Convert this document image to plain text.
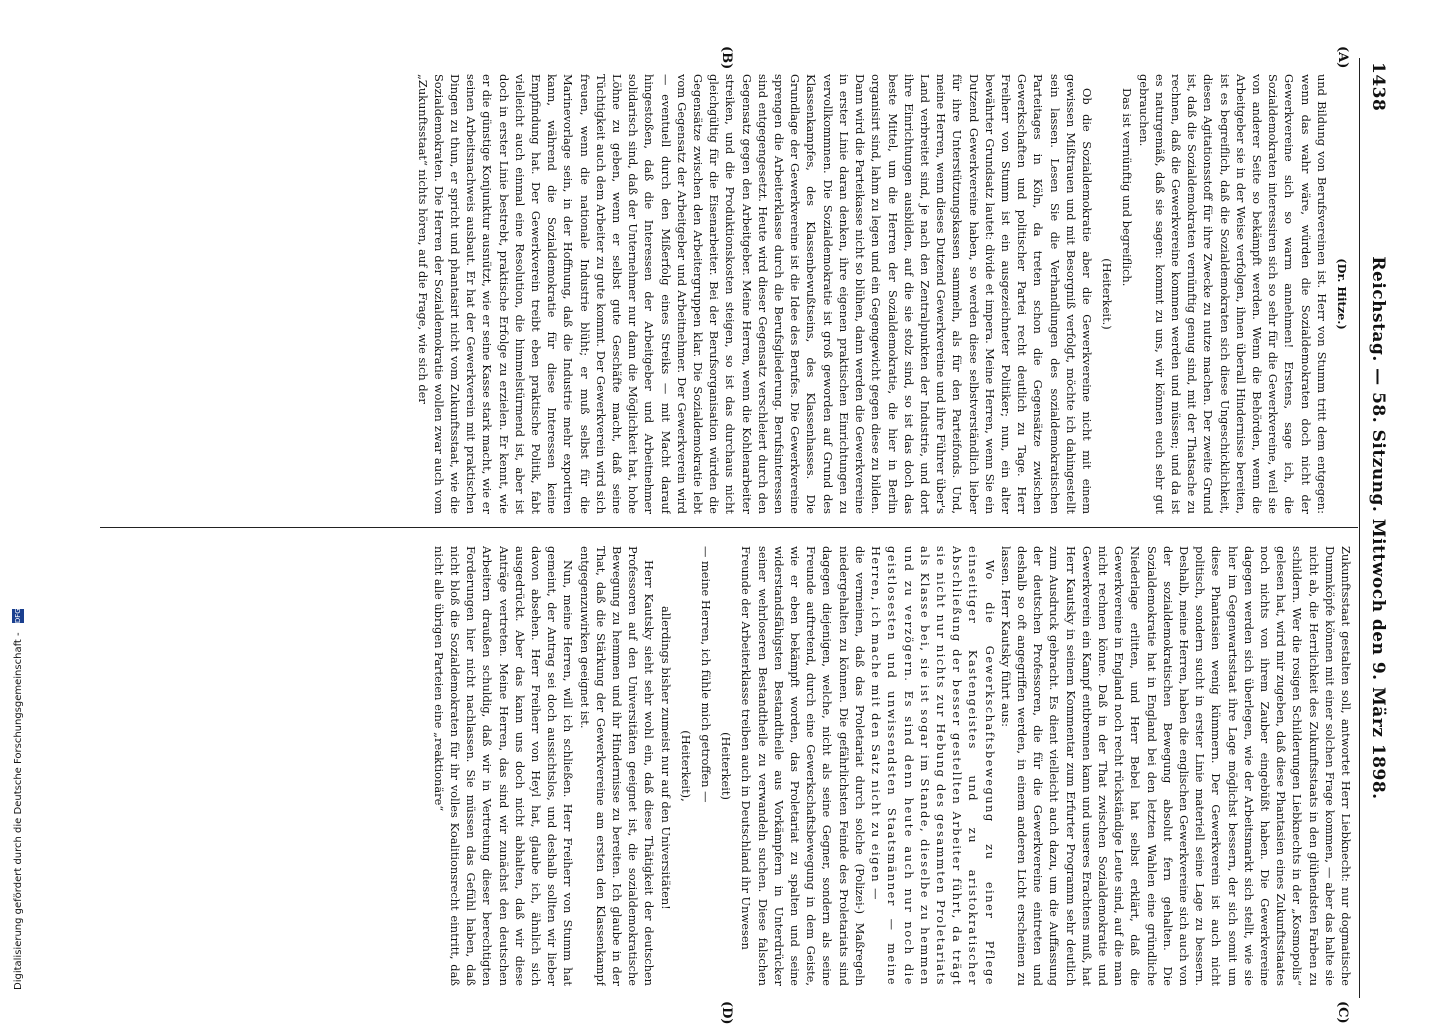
1438
Reichstag. — 58. Sitzung. Mittwoch den 9. März 1898.
(A)
(B)
(C)
(D)

(Dr. Hitze.)

und Bildung von Berufsvereinen ist. Herr von Stumm tritt dem entgegen: wenn das wahr wäre, würden die Sozialdemokraten doch nicht der Gewerkvereine sich so warm annehmen! Erstens, sage ich, die Sozialdemokraten interessiren sich so sehr für die Gewerkvereine, weil sie von anderer Seite so bekämpft werden. Wenn die Behörden, wenn die Arbeitgeber sie in der Weise verfolgen, ihnen überall Hindernisse bereiten, ist es begreiflich, daß die Sozialdemokraten sich diese Ungeschicklichkeit, diesen Agitationsstoff für ihre Zwecke zu nutze machen. Der zweite Grund ist, daß die Sozialdemokraten vernünftig genug sind, mit der Thatsache zu rechnen, daß die Gewerkvereine kommen werden und müssen; und da ist es naturgemäß, daß sie sagen: kommt zu uns, wir können euch sehr gut gebrauchen.

Das ist vernünftig und begreiflich.

(Heiterkeit.)

Ob die Sozialdemokratie aber die Gewerkvereine nicht mit einem gewissen Mißtrauen und mit Besorgniß verfolgt, möchte ich dahingestellt sein lassen. Lesen Sie die Verhandlungen des sozialdemokratischen Parteitages in Köln, da treten schon die Gegensätze zwischen Gewerkschaften und politischer Partei recht deutlich zu Tage. Herr Freiherr von Stumm ist ein ausgezeichneter Politiker; nun, ein alter bewährter Grundsatz lautet: divide et impera. Meine Herren, wenn Sie ein Dutzend Gewerkvereine haben, so werden diese selbstverständlich lieber für ihre Unterstützungskassen sammeln, als für den Parteifonds. Und, meine Herren, wenn dieses Dutzend Gewerkvereine und ihre Führer über's Land verbreitet sind, je nach den Zentralpunkten der Industrie, und dort ihre Einrichtungen ausbilden, auf die sie stolz sind, so ist das doch das beste Mittel, um die Herren der Sozialdemokratie, die hier in Berlin organisirt sind, lahm zu legen und ein Gegengewicht gegen diese zu bilden. Dann wird die Parteikasse nicht so blühen, dann werden die Gewerkvereine in erster Linie daran denken, ihre eigenen praktischen Einrichtungen zu vervollkommnen. Die Sozialdemokratie ist groß geworden auf Grund des Klassenkampfes, des Klassenbewußtseins, des Klassenhasses. Die Grundlage der Gewerkvereine ist die Idee des Berufes. Die Gewerkvereine sprengen die Arbeiterklasse durch die Berufsgliederung. Berufsinteressen sind entgegengesetzt. Heute wird dieser Gegensatz verschleiert durch den Gegensatz gegen den Arbeitgeber. Meine Herren, wenn die Kohlenarbeiter streiken, und die Produktionskosten steigen, so ist das durchaus nicht gleichgültig für die Eisenarbeiter. Bei der Berufsorganisation würden die Gegensätze zwischen den Arbeitergruppen klar. Die Sozialdemokratie lebt vom Gegensatz der Arbeitgeber und Arbeitnehmer. Der Gewerkverein wird — eventuell durch den Mißerfolg eines Streiks — mit Macht darauf hingestoßen, daß die Interessen der Arbeitgeber und Arbeitnehmer solidarisch sind, daß der Unternehmer nur dann die Möglichkeit hat, hohe Löhne zu geben, wenn er selbst gute Geschäfte macht, daß seine Tüchtigkeit auch dem Arbeiter zu gute kommt. Der Gewerkverein wird sich freuen, wenn die nationale Industrie blüht; er muß selbst für die Marinevorlage sein, in der Hoffnung, daß die Industrie mehr exportiren kann, während die Sozialdemokratie für diese Interessen keine Empfindung hat. Der Gewerkverein treibt eben praktische Politik, fabt vielleicht auch einmal eine Resolution, die himmelstürmend ist, aber ist doch in erster Linie bestrebt, praktische Erfolge zu erzielen. Er kennt, wie er die günstige Konjunktur ausnützt, wie er seine Kasse stark macht, wie er seinen Arbeitsnachweis ausbaut. Er hat der Gewerkverein mit praktischen Dingen zu thun, er spricht und phantasirt nicht vom Zukunftsstaat, wie die Sozialdemokraten. Die Herren der Sozialdemokratie wollen zwar auch vom „Zukunftsstaat“ nichts hören, auf die Frage, wie sich der

Zukunftsstaat gestalten soll, antwortet Herr Liebknecht: nur dogmatische Dummköpfe können mit einer solchen Frage kommen, — aber das halte sie nicht ab, die Herrlichkeit des Zukunftsstaats in den glühendsten Farben zu schildern. Wer die rosigen Schilderungen Liebknechts in der „Kosmopolis“ gelesen hat, wird mir zugeben, daß diese Phantasien eines Zukunftsstaates noch nichts von ihrem Zauber eingebüßt haben. Die Gewerkvereine dagegen werden sich überlegen, wie der Arbeitsmarkt sich stellt, wie sie hier im Gegenwartsstaat ihre Lage möglichst bessern, der sich somit um diese Phantasien wenig kümmern. Der Gewerkverein ist auch nicht politisch, sondern sucht in erster Linie materiell seine Lage zu bessern. Deshalb, meine Herren, haben die englischen Gewerkvereine sich auch von der sozialdemokratischen Bewegung absolut fern gehalten. Die Sozialdemokratie hat in England bei den letzten Wahlen eine gründliche Niederlage erlitten, und Herr Bebel hat selbst erklärt, daß die Gewerkvereine in England noch recht rückständige Leute sind, auf die man nicht rechnen könne. Daß in der That zwischen Sozialdemokratie und Gewerkverein ein Kampf entbrennen kann und unseres Erachtens muß, hat Herr Kautsky in seinem Kommentar zum Erfurter Programm sehr deutlich zum Ausdruck gebracht. Es dient vielleicht auch dazu, um die Auffassung der deutschen Professoren, die für die Gewerkvereine eintreten und deshalb so oft angegriffen werden, in einem anderen Licht erscheinen zu lassen. Herr Kautsky führt aus:

Wo die Gewerkschaftsbewegung zu einer Pflege einseitiger Kastengeistes und zu aristokratischer Abschließung der besser gestellten Arbeiter führt, da trägt sie nicht nur nichts zur Hebung des gesammten Proletariats als Klasse bei, sie ist sogar im Stande, dieselbe zu hemmen und zu verzögern. Es sind denn heute auch nur noch die geistlosesten und unwissendsten Staatsmänner — meine Herren, ich mache mit den Satz nicht zu eigen —

die vermeinen, daß das Proletariat durch solche (Polizei-) Maßregeln niedergehalten zu können. Die gefährlichsten Feinde des Proletariats sind dagegen diejenigen, welche, nicht als seine Gegner, sondern als seine Freunde auftretend, durch eine Gewerkschaftsbewegung in dem Geiste, wie er eben bekämpft worden, das Proletariat zu spalten und seine widerstandsfähigsten Bestandtheile aus Vorkämpfern in Unterdrücker seiner wehrloseren Bestandtheile zu verwandeln suchen. Diese falschen Freunde der Arbeiterklasse treiben auch in Deutschland ihr Unwesen

(Heiterkeit)

— meine Herren, ich fühle mich getroffen —

(Heiterkeit),

allerdings bisher zumeist nur auf den Universitäten!

Herr Kautsky sieht sehr wohl ein, daß diese Thätigkeit der deutschen Professoren auf den Universitäten geeignet ist, die sozialdemokratische Bewegung zu hemmen und ihr Hindernisse zu bereiten. Ich glaube in der That, daß die Stärkung der Gewerkvereine am ersten den Klassenkampf entgegenzuwirken geeignet ist.

Nun, meine Herren, will ich schließen. Herr Freiherr von Stumm hat gemeint, der Antrag sei doch aussichtslos, und deshalb sollten wir lieber davon absehen. Herr Freiherr von Heyl hat, glaube ich, ähnlich sich ausgedrückt. Aber das kann uns doch nicht abhalten, daß wir diese Anträge vertreten. Meine Herren, das sind wir zunächst den deutschen Arbeitern draußen schuldig, daß wir in Vertretung dieser berechtigten Forderungen hier nicht nachlassen. Sie müssen das Gefühl haben, daß nicht bloß die Sozialdemokraten für ihr volles Koalitionsrecht eintritt, daß nicht alle übrigen Parteien eine „reaktionäre“

Digitalisierung gefördert durch die Deutsche Forschungsgemeinschaft - DFG
